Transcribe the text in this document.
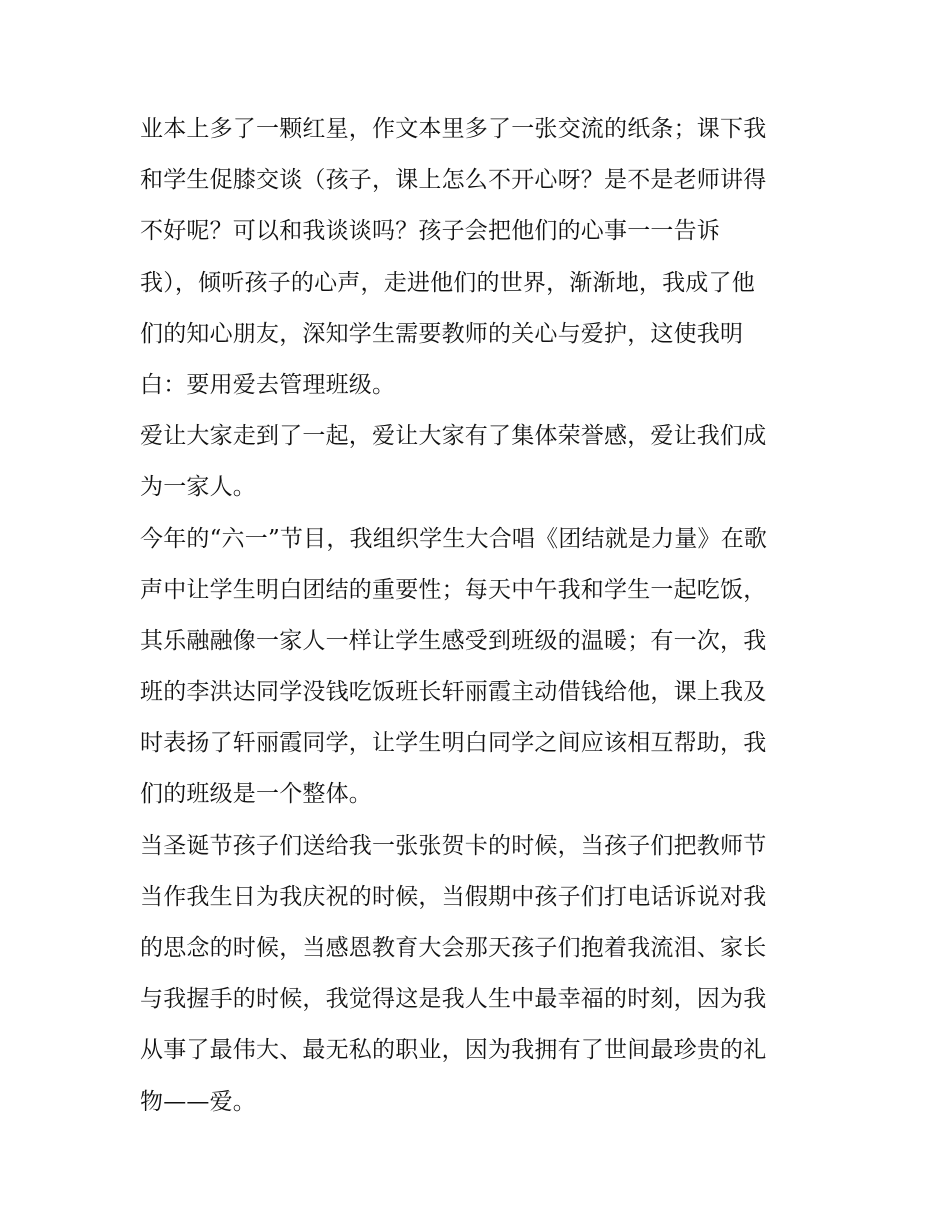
业本上多了一颗红星，作文本里多了一张交流的纸条；课下我
和学生促膝交谈（孩子，课上怎么不开心呀？是不是老师讲得
不好呢？可以和我谈谈吗？孩子会把他们的心事一一告诉
我），倾听孩子的心声，走进他们的世界，渐渐地，我成了他
们的知心朋友，深知学生需要教师的关心与爱护，这使我明
白：要用爱去管理班级。
爱让大家走到了一起，爱让大家有了集体荣誉感，爱让我们成
为一家人。
今年的“六一”节目，我组织学生大合唱《团结就是力量》在歌
声中让学生明白团结的重要性；每天中午我和学生一起吃饭，
其乐融融像一家人一样让学生感受到班级的温暖；有一次，我
班的李洪达同学没钱吃饭班长轩丽霞主动借钱给他，课上我及
时表扬了轩丽霞同学，让学生明白同学之间应该相互帮助，我
们的班级是一个整体。
当圣诞节孩子们送给我一张张贺卡的时候，当孩子们把教师节
当作我生日为我庆祝的时候，当假期中孩子们打电话诉说对我
的思念的时候，当感恩教育大会那天孩子们抱着我流泪、家长
与我握手的时候，我觉得这是我人生中最幸福的时刻，因为我
从事了最伟大、最无私的职业，因为我拥有了世间最珍贵的礼
物——爱。
